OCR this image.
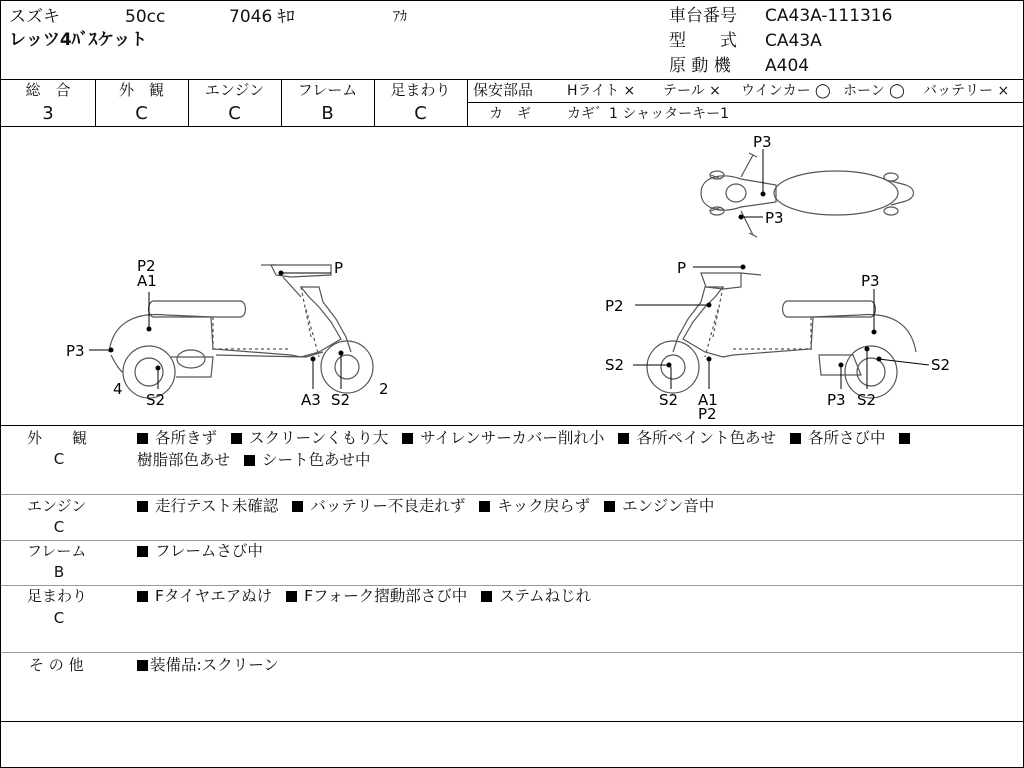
スズキ	50cc	7046 ｷﾛ	ｱｶ
レッツ4ﾊﾞｽケット
車台番号 CA43A-111316
型　　式 CA43A
原 動 機 A404
総　合
3
外　観
C
エンジン
C
フレーム
B
足まわり
C
保安部品 Hライト × テール × ウインカー ◯ ホーン ◯ バッテリー ×
カ　ギ	カギ゛1 シャッターキー1
P2
A1
P
P3
4
S2	A3 S2
2
P
P3
P2
S2
S2
S2
A1
P2
P3 S2
P3
P3
外　　観
C
各所きず スクリーンくもり大 サイレンサーカバー削れ小 各所ペイント色あせ 各所さび中
樹脂部色あせ シート色あせ中
エンジン
C
走行テスト未確認 バッテリー不良走れず キック戻らず エンジン音中
フレーム
B
フレームさび中
足まわり
C
Fタイヤエアぬけ Fフォーク摺動部さび中 ステムねじれ
そ の 他	装備品:スクリーン
